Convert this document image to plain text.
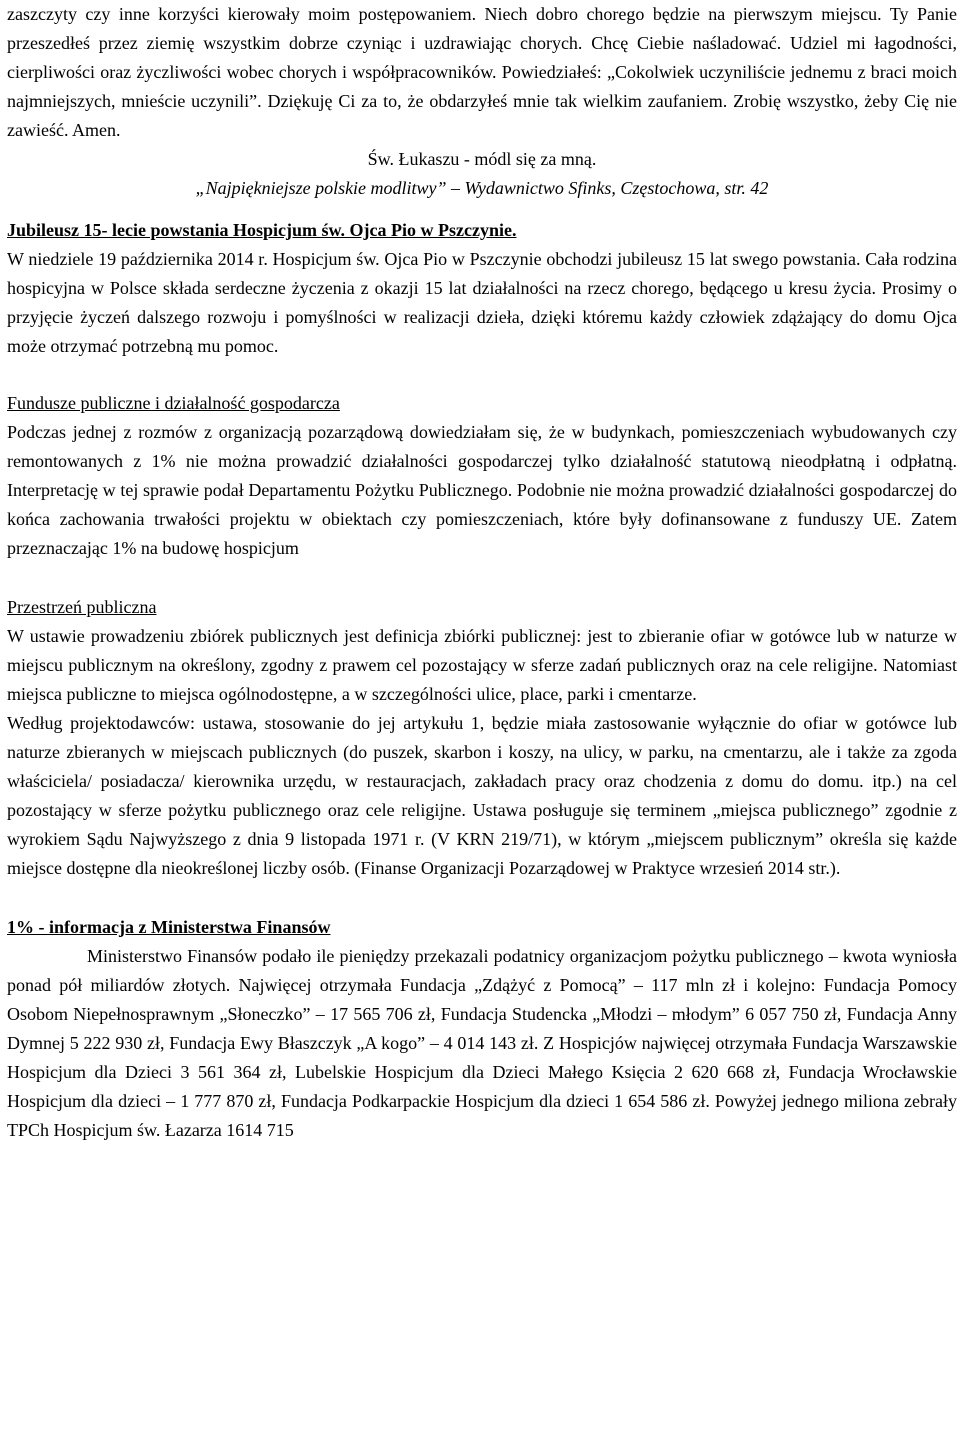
zaszczyty czy inne korzyści kierowały moim postępowaniem. Niech dobro chorego będzie na pierwszym miejscu. Ty Panie przeszedłeś przez ziemię wszystkim dobrze czyniąc i uzdrawiając chorych. Chcę Ciebie naśladować. Udziel mi łagodności, cierpliwości oraz życzliwości wobec chorych i współpracowników. Powiedziałeś: „Cokolwiek uczyniliście jednemu z braci moich najmniejszych, mnieście uczynili”. Dziękuję Ci za to, że obdarzyłeś mnie tak wielkim zaufaniem. Zrobię wszystko, żeby Cię nie zawieść. Amen.

Św. Łukaszu - módl się za mną.

„Najpiękniejsze polskie modlitwy” – Wydawnictwo Sfinks, Częstochowa, str. 42

Jubileusz 15- lecie powstania Hospicjum św. Ojca Pio w Pszczynie.

W niedziele 19 października 2014 r. Hospicjum św. Ojca Pio w Pszczynie obchodzi jubileusz 15 lat swego powstania. Cała rodzina hospicyjna w Polsce składa serdeczne życzenia z okazji 15 lat działalności na rzecz chorego, będącego u kresu życia. Prosimy o przyjęcie życzeń dalszego rozwoju i pomyślności w realizacji dzieła, dzięki któremu każdy człowiek zdążający do domu Ojca może otrzymać potrzebną mu pomoc.

Fundusze publiczne i działalność gospodarcza

Podczas jednej z rozmów z organizacją pozarządową dowiedziałam się, że w budynkach, pomieszczeniach wybudowanych czy remontowanych z 1% nie można prowadzić działalności gospodarczej tylko działalność statutową nieodpłatną i odpłatną. Interpretację w tej sprawie podał Departamentu Pożytku Publicznego. Podobnie nie można prowadzić działalności gospodarczej do końca zachowania trwałości projektu w obiektach czy pomieszczeniach, które były dofinansowane z funduszy UE. Zatem przeznaczając 1% na budowę hospicjum

Przestrzeń publiczna

W ustawie prowadzeniu zbiórek publicznych jest definicja zbiórki publicznej: jest to zbieranie ofiar w gotówce lub w naturze w miejscu publicznym na określony, zgodny z prawem cel pozostający w sferze zadań publicznych oraz na cele religijne. Natomiast miejsca publiczne to miejsca ogólnodostępne, a w szczególności ulice, place, parki i cmentarze.

Według projektodawców: ustawa, stosowanie do jej artykułu 1, będzie miała zastosowanie wyłącznie do ofiar w gotówce lub naturze zbieranych w miejscach publicznych (do puszek, skarbon i koszy, na ulicy, w parku, na cmentarzu, ale i także za zgoda właściciela/ posiadacza/ kierownika urzędu, w restauracjach, zakładach pracy oraz chodzenia z domu do domu. itp.) na cel pozostający w sferze pożytku publicznego oraz cele religijne. Ustawa posługuje się terminem „miejsca publicznego” zgodnie z wyrokiem Sądu Najwyższego z dnia 9 listopada 1971 r. (V KRN 219/71), w którym „miejscem publicznym” określa się każde miejsce dostępne dla nieokreślonej liczby osób. (Finanse Organizacji Pozarządowej w Praktyce wrzesień 2014 str.).

1% - informacja z Ministerstwa Finansów

Ministerstwo Finansów podało ile pieniędzy przekazali podatnicy organizacjom pożytku publicznego – kwota wyniosła ponad pół miliardów złotych. Najwięcej otrzymała Fundacja „Zdążyć z Pomocą” – 117 mln zł i kolejno: Fundacja Pomocy Osobom Niepełnosprawnym „Słoneczko” – 17 565 706 zł, Fundacja Studencka „Młodzi – młodym” 6 057 750 zł, Fundacja Anny Dymnej 5 222 930 zł, Fundacja Ewy Błaszczyk „A kogo” – 4 014 143 zł. Z Hospicjów najwięcej otrzymała Fundacja Warszawskie Hospicjum dla Dzieci 3 561 364 zł, Lubelskie Hospicjum dla Dzieci Małego Księcia 2 620 668 zł, Fundacja Wrocławskie Hospicjum dla dzieci – 1 777 870 zł, Fundacja Podkarpackie Hospicjum dla dzieci 1 654 586 zł. Powyżej jednego miliona zebrały TPCh Hospicjum św. Łazarza 1614 715
